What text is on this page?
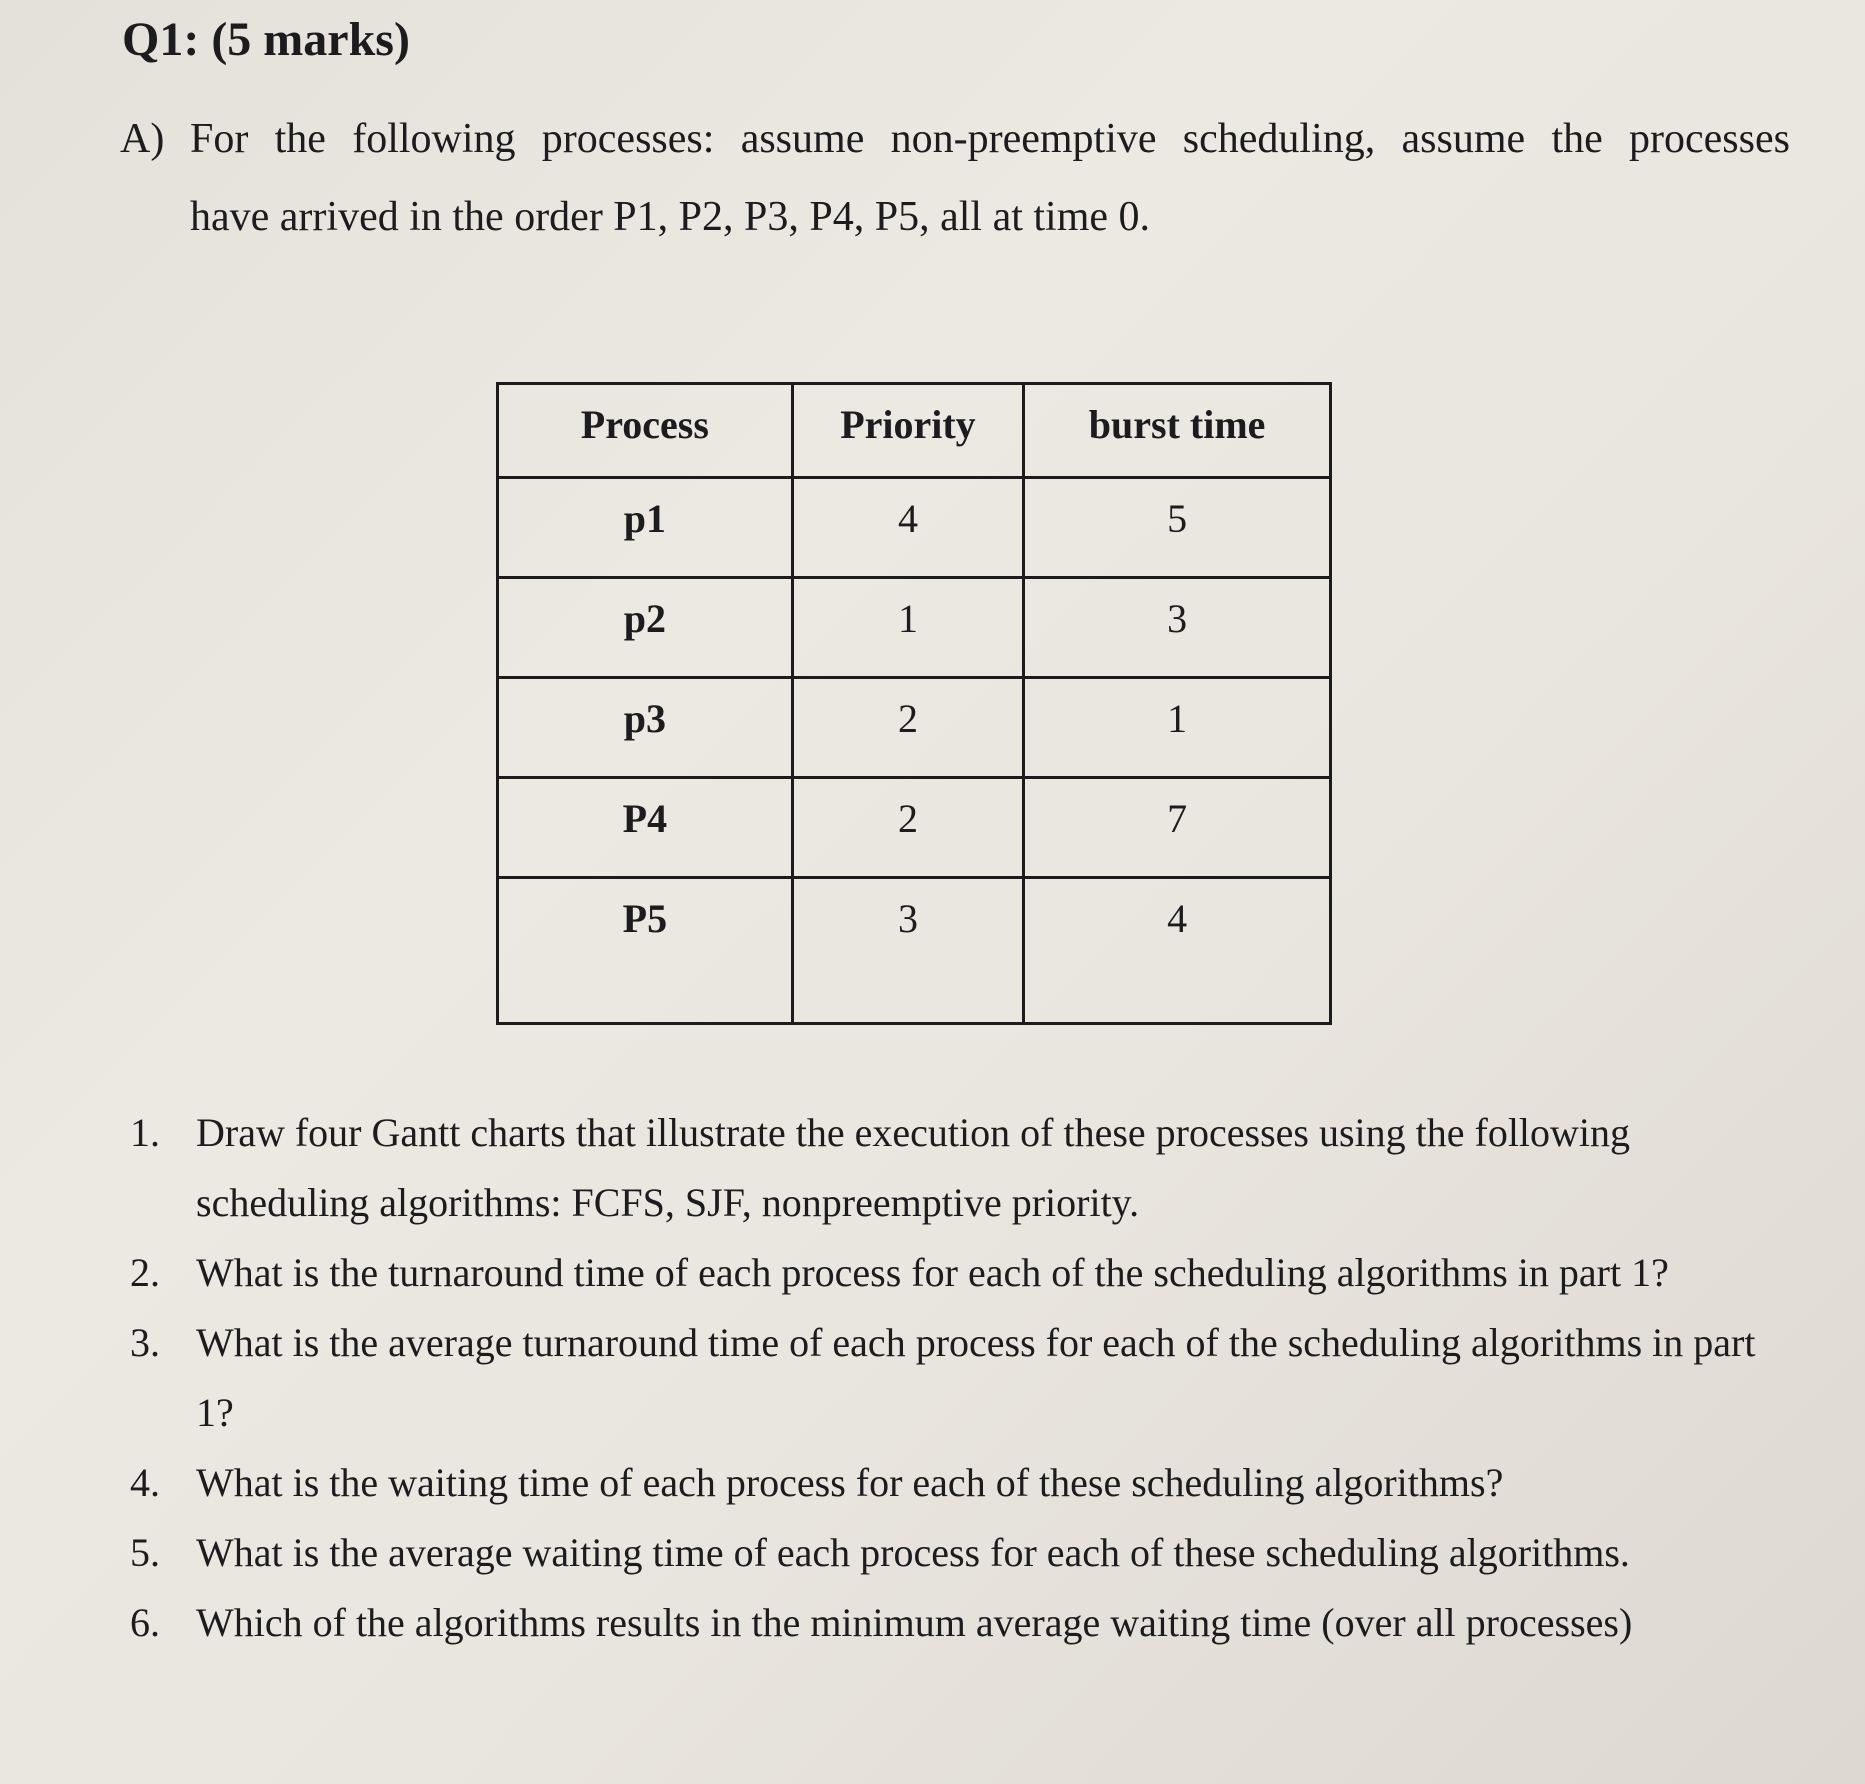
Q1: (5 marks)
A) For the following processes: assume non-preemptive scheduling, assume the processes
have arrived in the order P1, P2, P3, P4, P5, all at time 0.
Process	Priority	burst time
p1	4	5
p2	1	3
p3	2	1
P4	2	7
P5	3	4
1. Draw four Gantt charts that illustrate the execution of these processes using the following scheduling algorithms: FCFS, SJF, nonpreemptive priority.
2. What is the turnaround time of each process for each of the scheduling algorithms in part 1?
3. What is the average turnaround time of each process for each of the scheduling algorithms in part 1?
4. What is the waiting time of each process for each of these scheduling algorithms?
5. What is the average waiting time of each process for each of these scheduling algorithms.
6. Which of the algorithms results in the minimum average waiting time (over all processes)
